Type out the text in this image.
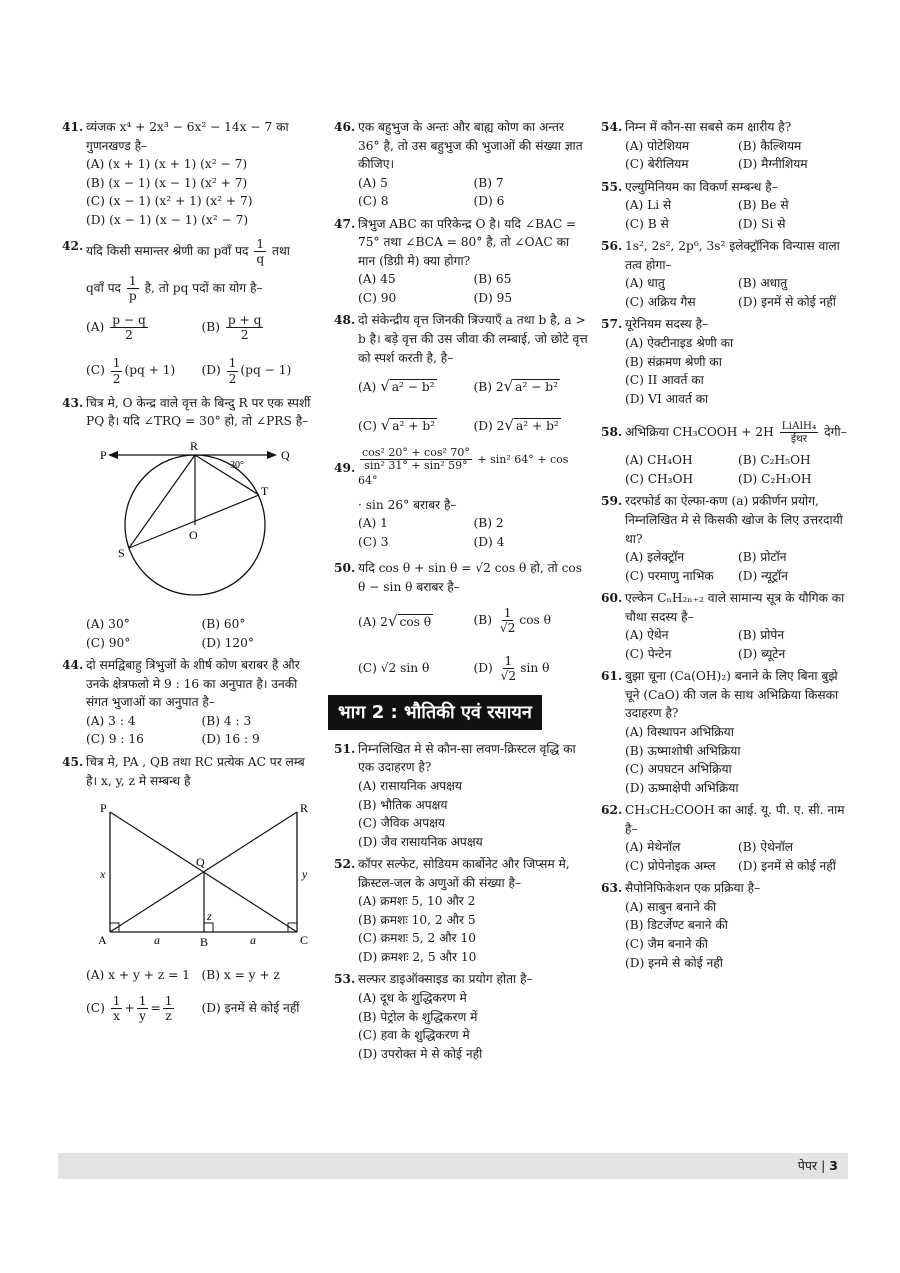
41. व्यंजक x⁴ + 2x³ − 6x² − 14x − 7 का गुणनखण्ड है–
(A) (x + 1) (x + 1) (x² − 7)
(B) (x − 1) (x − 1) (x² + 7)
(C) (x − 1) (x² + 1) (x² + 7)
(D) (x − 1) (x − 1) (x² − 7)
42. यदि किसी समान्तर श्रेणी का pवाँ पद $\frac{1}{q}$ तथा
qवाँ पद $\frac{1}{p}$ है, तो pq पदों का योग है–
$(A) \frac{p - q}{2}$	$(B) \frac{p + q}{2}$
$(C) \frac{1}{2} (pq + 1)$	$(D) \frac{1}{2} (pq - 1)$
43. चित्र मे, O केन्द्र वाले वृत्त के बिन्दु R पर एक स्पर्शी PQ है। यदि ∠TRQ = 30° हो, तो ∠PRS है–
P
R
Q
T
O
S
30°
(A) 30°	(B) 60°
(C) 90°	(D) 120°
44. दो समद्विबाहु त्रिभुजों के शीर्ष कोण बराबर है और उनके क्षेत्रफलो मे 9 : 16 का अनुपात है। उनकी संगत भुजाओं का अनुपात है–
(A) 3 : 4	(B) 4 : 3
(C) 9 : 16	(D) 16 : 9
45. चित्र मे, PA , QB तथा RC प्रत्येक AC पर लम्ब है। x, y, z मे सम्बन्ध है
P	R
Q
A	B	C
x	y
z
a	a
(A) x + y + z = 1 (B) x = y + z
$(C) \frac{1}{x} + \frac{1}{y} = \frac{1}{z} (D)$ इनमें से कोई नहीं
46. एक बहुभुज के अन्तः और बाह्य कोण का अन्तर 36° है, तो उस बहुभुज की भुजाओं की संख्या ज्ञात कीजिए।
(A) 5	(B) 7
(C) 8	(D) 6
47. त्रिभुज ABC का परिकेन्द्र O है। यदि ∠BAC = 75° तथा ∠BCA = 80° है, तो ∠OAC का मान (डिग्री मे) क्या होगा?
(A) 45	(B) 65
(C) 90	(D) 95
48. दो संकेन्द्रीय वृत्त जिनकी त्रिज्याएँ a तथा b है, a > b है। बड़े वृत्त की उस जीवा की लम्बाई, जो छोटे वृत्त को स्पर्श करती है, है–
(A) √ a² − b²	(B) 2√ a² − b²
(C) √ a² + b²	(D) 2√ a² + b²
49. $\frac{\text{cos² 20° + cos² 70°}}{\text{sin² 31° + sin² 59°}} + \sin^2$ 64° + cos 64°
· sin 26° बराबर है–
(A) 1	(B) 2
(C) 3	(D) 4
50. यदि cos θ + sin θ = √2 cos θ हो, तो cos θ − sin θ बराबर है–
(A) 2√ cos θ	$(B) \frac{1}{√2}$ cos θ
(C) √2 sin θ	$(D) \frac{1}{√2}$ sin θ
भाग 2 : भौतिकी एवं रसायन
51. निम्नलिखित मे से कौन-सा लवण-क्रिस्टल वृद्धि का एक उदाहरण है?
(A) रासायनिक अपक्षय
(B) भौतिक अपक्षय
(C) जैविक अपक्षय
(D) जैव रासायनिक अपक्षय
52. कॉपर सल्फेट, सोडियम कार्बोनेट और जिप्सम मे, क्रिस्टल-जल के अणुओं की संख्या है–
(A) क्रमशः 5, 10 और 2
(B) क्रमशः 10, 2 और 5
(C) क्रमशः 5, 2 और 10
(D) क्रमशः 2, 5 और 10
53. सल्फर डाइऑक्साइड का प्रयोग होता है–
(A) दूध के शुद्धिकरण मे
(B) पेट्रोल के शुद्धिकरण में
(C) हवा के शुद्धिकरण मे
(D) उपरोक्त मे से कोई नही
54. निम्न में कौन-सा सबसे कम क्षारीय है?
(A) पोटेशियम	(B) कैल्शियम
(C) बेरीलियम	(D) मैग्नीशियम
55. एल्युमिनियम का विकर्ण सम्बन्ध है–
(A) Li से	(B) Be से
(C) B से	(D) Si से
56. 1s², 2s², 2p⁶, 3s² इलेक्ट्रॉनिक विन्यास वाला तत्व होगा–
(A) धातु	(B) अधातु
(C) अक्रिय गैस	(D) इनमें से कोई नहीं
57. यूरेनियम सदस्य है–
(A) ऐक्टीनाइड श्रेणी का
(B) संक्रमण श्रेणी का
(C) II आवर्त का
(D) VI आवर्त का
58. अभिक्रिया CH₃COOH + $2H \frac{\text{LiAlH₄}}{\text{ईथर}}$ देगी–
(A) CH₄OH	(B) C₂H₅OH
(C) CH₃OH	(D) C₂H₃OH
59. रदरफोर्ड का ऐल्फा-कण (a) प्रकीर्णन प्रयोग, निम्नलिखित मे से किसकी खोज के लिए उत्तरदायी था?
(A) इलेक्ट्रॉन	(B) प्रोटॉन
(C) परमाणु नाभिक	(D) न्यूट्रॉन
60. एल्केन CₙH₂ₙ₊₂ वाले सामान्य सूत्र के यौगिक का चौथा सदस्य है–
(A) ऐथेन	(B) प्रोपेन
(C) पेन्टेन	(D) ब्यूटेन
61. बुझा चूना (Ca(OH)₂) बनाने के लिए बिना बुझे चूने (CaO) की जल के साथ अभिक्रिया किसका उदाहरण है?
(A) विस्थापन अभिक्रिया
(B) ऊष्माशोषी अभिक्रिया
(C) अपघटन अभिक्रिया
(D) ऊष्माक्षेपी अभिक्रिया
62. CH₃CH₂COOH का आई. यू. पी. ए. सी. नाम है–
(A) मेथेनॉल	(B) ऐथेनॉल
(C) प्रोपेनोइक अम्ल	(D) इनमें से कोई नहीं
63. सैपोनिफिकेशन एक प्रक्रिया है–
(A) साबुन बनाने की
(B) डिटर्जेण्ट बनाने की
(C) जैम बनाने की
(D) इनमे से कोई नही
पेपर | 3
